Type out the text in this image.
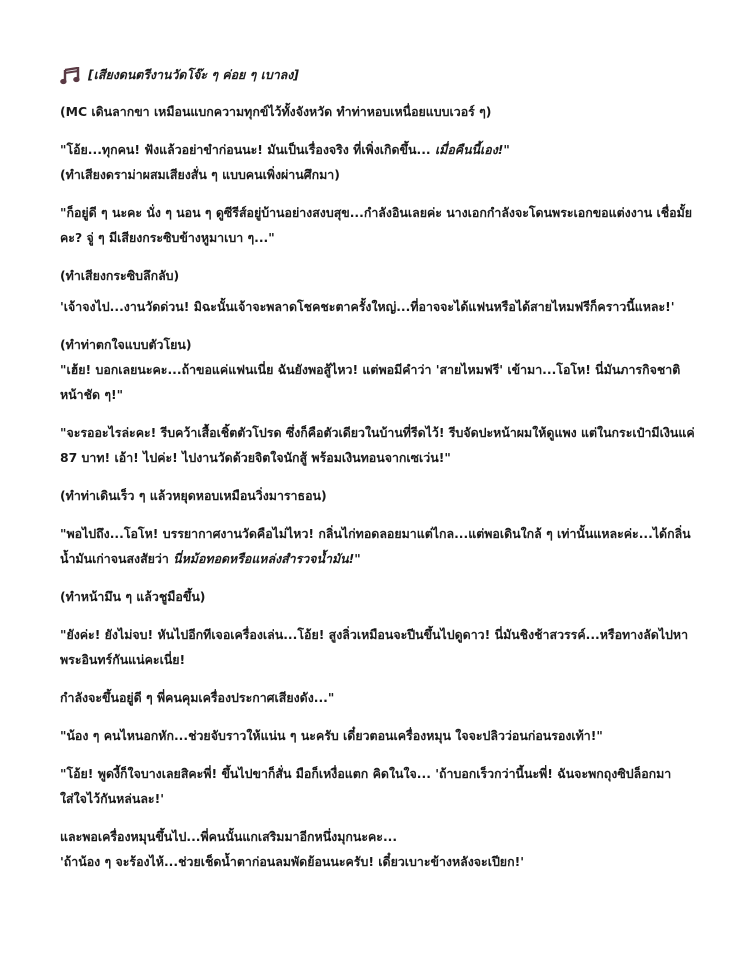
[เสียงดนตรีงานวัดโจ๊ะ ๆ ค่อย ๆ เบาลง]

(MC เดินลากขา เหมือนแบกความทุกข์ไว้ทั้งจังหวัด ทำท่าหอบเหนื่อยแบบเวอร์ ๆ)

"โอ้ย...ทุกคน! ฟังแล้วอย่าขำก่อนนะ! มันเป็นเรื่องจริง ที่เพิ่งเกิดขึ้น... เมื่อคืนนี้เอง!"

(ทำเสียงดราม่าผสมเสียงสั่น ๆ แบบคนเพิ่งผ่านศึกมา)

"ก็อยู่ดี ๆ นะคะ นั่ง ๆ นอน ๆ ดูซีรีส์อยู่บ้านอย่างสงบสุข...กำลังอินเลยค่ะ นางเอกกำลังจะโดนพระเอกขอแต่งงาน เชื่อมั้ยคะ? จู่ ๆ มีเสียงกระซิบข้างหูมาเบา ๆ..."

(ทำเสียงกระซิบลึกลับ)

'เจ้าจงไป...งานวัดด่วน! มิฉะนั้นเจ้าจะพลาดโชคชะตาครั้งใหญ่...ที่อาจจะได้แฟนหรือได้สายไหมฟรีก็คราวนี้แหละ!'

(ทำท่าตกใจแบบตัวโยน)

"เฮ้ย! บอกเลยนะคะ...ถ้าขอแค่แฟนเนี่ย ฉันยังพอสู้ไหว! แต่พอมีคำว่า 'สายไหมฟรี' เข้ามา...โอโห! นี่มันภารกิจชาติหน้าชัด ๆ!"

"จะรออะไรล่ะคะ! รีบคว้าเสื้อเชิ้ตตัวโปรด ซึ่งก็คือตัวเดียวในบ้านที่รีดไว้! รีบจัดปะหน้าผมให้ดูแพง แต่ในกระเป๋ามีเงินแค่ 87 บาท! เอ้า! ไปค่ะ! ไปงานวัดด้วยจิตใจนักสู้ พร้อมเงินทอนจากเซเว่น!"

(ทำท่าเดินเร็ว ๆ แล้วหยุดหอบเหมือนวิ่งมาราธอน)

"พอไปถึง...โอโห! บรรยากาศงานวัดคือไม่ไหว! กลิ่นไก่ทอดลอยมาแต่ไกล...แต่พอเดินใกล้ ๆ เท่านั้นแหละค่ะ...ได้กลิ่นน้ำมันเก่าจนสงสัยว่า นี่หม้อทอดหรือแหล่งสำรวจน้ำมัน!"

(ทำหน้ามึน ๆ แล้วชูมือขึ้น)

"ยังค่ะ! ยังไม่จบ! หันไปอีกทีเจอเครื่องเล่น...โอ้ย! สูงลิ่วเหมือนจะปีนขึ้นไปดูดาว! นี่มันชิงช้าสวรรค์...หรือทางลัดไปหาพระอินทร์กันแน่คะเนี่ย!

กำลังจะขึ้นอยู่ดี ๆ พี่คนคุมเครื่องประกาศเสียงดัง..."

"น้อง ๆ คนไหนอกหัก...ช่วยจับราวให้แน่น ๆ นะครับ เดี๋ยวตอนเครื่องหมุน ใจจะปลิวว่อนก่อนรองเท้า!"

"โอ้ย! พูดงี้ก็ใจบางเลยสิคะพี่! ขึ้นไปขาก็สั่น มือก็เหงื่อแตก คิดในใจ... 'ถ้าบอกเร็วกว่านี้นะพี่! ฉันจะพกถุงซิปล็อกมาใส่ใจไว้กันหล่นละ!'

และพอเครื่องหมุนขึ้นไป...พี่คนนั้นแกเสริมมาอีกหนึ่งมุกนะคะ...

'ถ้าน้อง ๆ จะร้องไห้...ช่วยเช็ดน้ำตาก่อนลมพัดย้อนนะครับ! เดี๋ยวเบาะข้างหลังจะเปียก!'
